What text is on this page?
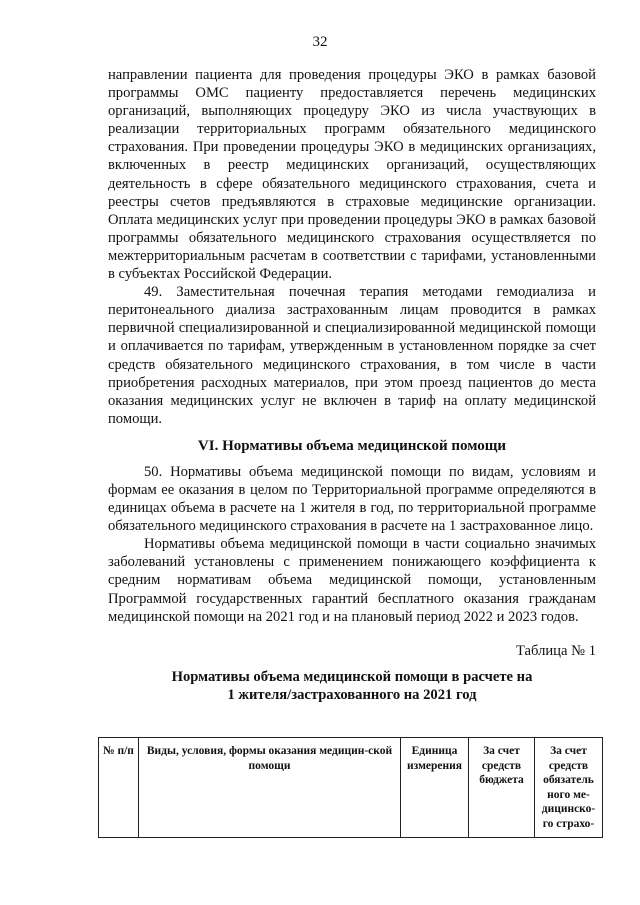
32

направлении пациента для проведения процедуры ЭКО в рамках базовой программы ОМС пациенту предоставляется перечень медицинских организаций, выполняющих процедуру ЭКО из числа участвующих в реализации территориальных программ обязательного медицинского страхования. При проведении процедуры ЭКО в медицинских организациях, включенных в реестр медицинских организаций, осуществляющих деятельность в сфере обязательного медицинского страхования, счета и реестры счетов предъявляются в страховые медицинские организации. Оплата медицинских услуг при проведении процедуры ЭКО в рамках базовой программы обязательного медицинского страхования осуществляется по межтерриториальным расчетам в соответствии с тарифами, установленными в субъектах Российской Федерации.

49. Заместительная почечная терапия методами гемодиализа и перитонеального диализа застрахованным лицам проводится в рамках первичной специализированной и специализированной медицинской помощи и оплачивается по тарифам, утвержденным в установленном порядке за счет средств обязательного медицинского страхования, в том числе в части приобретения расходных материалов, при этом проезд пациентов до места оказания медицинских услуг не включен в тариф на оплату медицинской помощи.

VI. Нормативы объема медицинской помощи

50. Нормативы объема медицинской помощи по видам, условиям и формам ее оказания в целом по Территориальной программе определяются в единицах объема в расчете на 1 жителя в год, по территориальной программе обязательного медицинского страхования в расчете на 1 застрахованное лицо.

Нормативы объема медицинской помощи в части социально значимых заболеваний установлены с применением понижающего коэффициента к средним нормативам объема медицинской помощи, установленным Программой государственных гарантий бесплатного оказания гражданам медицинской помощи на 2021 год и на плановый период 2022 и 2023 годов.

Таблица № 1
Нормативы объема медицинской помощи в расчете на
1 жителя/застрахованного на 2021 год
№ п/п	Виды, условия, формы оказания медицин-ской помощи	Единица измерения	За счет средств бюджета	За счет средств обязатель ного ме-дицинско-го страхо-
